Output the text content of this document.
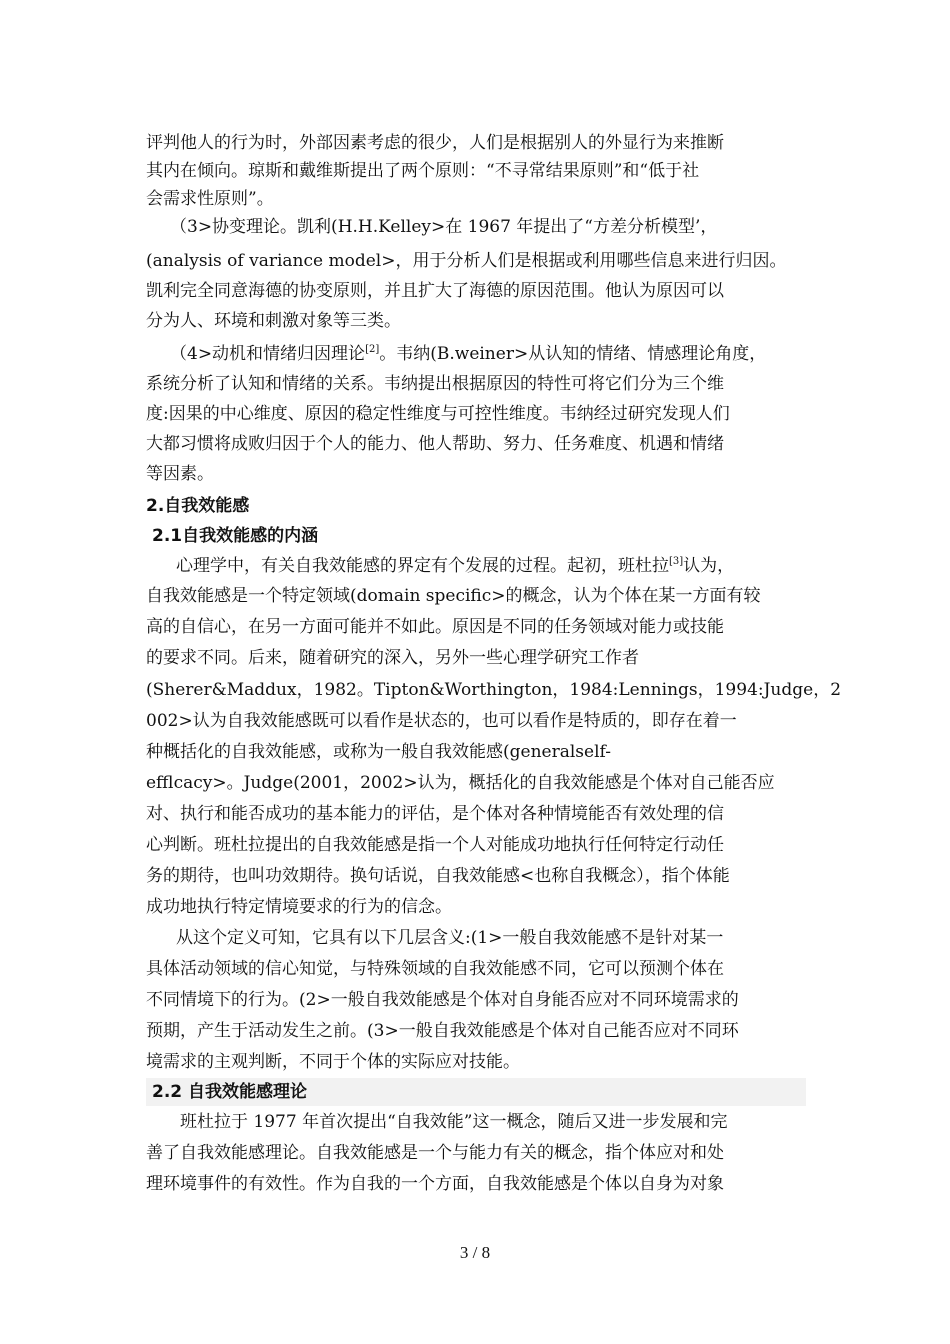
评判他人的行为时，外部因素考虑的很少，人们是根据别人的外显行为来推断
其内在倾向。琼斯和戴维斯提出了两个原则：“不寻常结果原则”和“低于社
会需求性原则”。
（3>协变理论。凯利(H.H.Kelley>在 1967 年提出了“方差分析模型’，
(analysis of variance model>，用于分析人们是根据或利用哪些信息来进行归因。
凯利完全同意海德的协变原则，并且扩大了海德的原因范围。他认为原因可以
分为人、环境和刺激对象等三类。
（4>动机和情绪归因理论[2]。韦纳(B.weiner>从认知的情绪、情感理论角度，
系统分析了认知和情绪的关系。韦纳提出根据原因的特性可将它们分为三个维
度:因果的中心维度、原因的稳定性维度与可控性维度。韦纳经过研究发现人们
大都习惯将成败归因于个人的能力、他人帮助、努力、任务难度、机遇和情绪
等因素。
2.自我效能感
2.1自我效能感的内涵
心理学中，有关自我效能感的界定有个发展的过程。起初，班杜拉[3]认为，
自我效能感是一个特定领域(domain specific>的概念，认为个体在某一方面有较
高的自信心，在另一方面可能并不如此。原因是不同的任务领域对能力或技能
的要求不同。后来，随着研究的深入，另外一些心理学研究工作者
(Sherer&Maddux，1982。Tipton&Worthington，1984:Lennings，1994:Judge，2
002>认为自我效能感既可以看作是状态的，也可以看作是特质的，即存在着一
种概括化的自我效能感，或称为一般自我效能感(generalself-
efflcacy>。Judge(2001，2002>认为，概括化的自我效能感是个体对自己能否应
对、执行和能否成功的基本能力的评估，是个体对各种情境能否有效处理的信
心判断。班杜拉提出的自我效能感是指一个人对能成功地执行任何特定行动任
务的期待，也叫功效期待。换句话说，自我效能感<也称自我概念），指个体能
成功地执行特定情境要求的行为的信念。
从这个定义可知，它具有以下几层含义:(1>一般自我效能感不是针对某一
具体活动领域的信心知觉，与特殊领域的自我效能感不同，它可以预测个体在
不同情境下的行为。(2>一般自我效能感是个体对自身能否应对不同环境需求的
预期，产生于活动发生之前。(3>一般自我效能感是个体对自己能否应对不同环
境需求的主观判断，不同于个体的实际应对技能。
2.2 自我效能感理论
班杜拉于 1977 年首次提出“自我效能”这一概念，随后又进一步发展和完
善了自我效能感理论。自我效能感是一个与能力有关的概念，指个体应对和处
理环境事件的有效性。作为自我的一个方面，自我效能感是个体以自身为对象
3 / 8
